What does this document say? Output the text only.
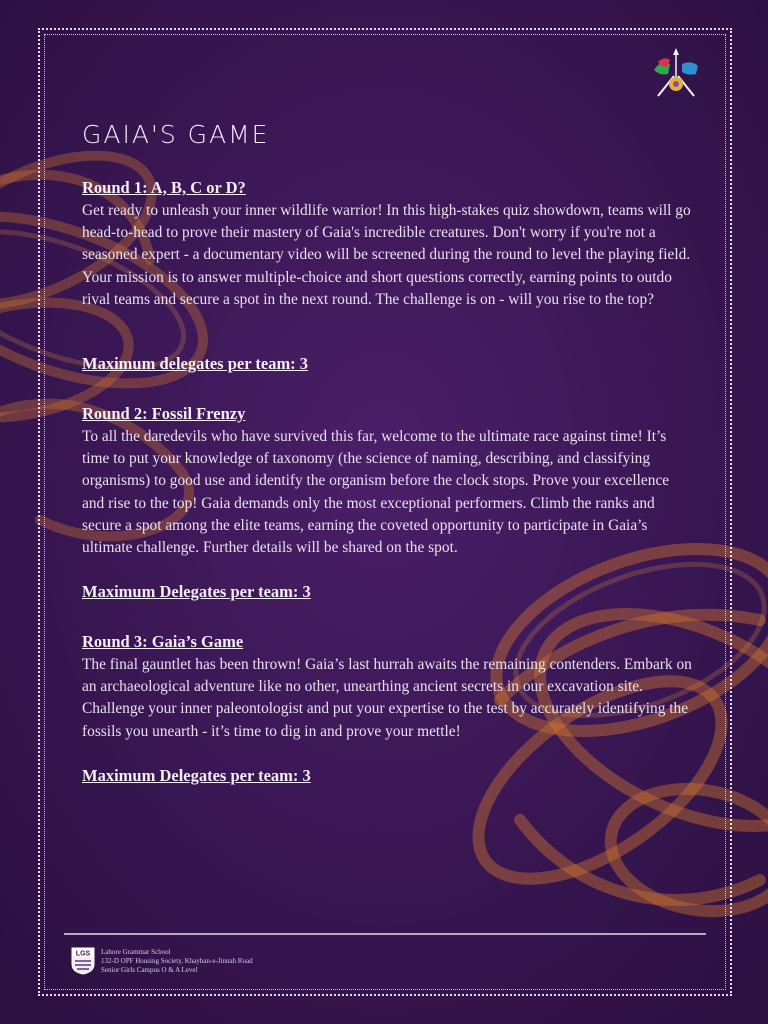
GAIA'S GAME

Round 1: A, B, C or D?

Get ready to unleash your inner wildlife warrior! In this high-stakes quiz showdown, teams will go head-to-head to prove their mastery of Gaia's incredible creatures. Don't worry if you're not a seasoned expert - a documentary video will be screened during the round to level the playing field. Your mission is to answer multiple-choice and short questions correctly, earning points to outdo rival teams and secure a spot in the next round. The challenge is on - will you rise to the top?

Maximum delegates per team: 3

Round 2: Fossil Frenzy

To all the daredevils who have survived this far, welcome to the ultimate race against time! It’s time to put your knowledge of taxonomy (the science of naming, describing, and classifying organisms) to good use and identify the organism before the clock stops. Prove your excellence and rise to the top! Gaia demands only the most exceptional performers. Climb the ranks and secure a spot among the elite teams, earning the coveted opportunity to participate in Gaia’s ultimate challenge. Further details will be shared on the spot.

Maximum Delegates per team: 3

Round 3: Gaia’s Game

The final gauntlet has been thrown! Gaia’s last hurrah awaits the remaining contenders. Embark on an archaeological adventure like no other, unearthing ancient secrets in our excavation site. Challenge your inner paleontologist and put your expertise to the test by accurately identifying the fossils you unearth - it’s time to dig in and prove your mettle!

Maximum Delegates per team: 3

LGS Lahore Grammar School
132-D OPF Housing Society, Khayban-e-Jinnah Road
Senior Girls Campus O & A Level
